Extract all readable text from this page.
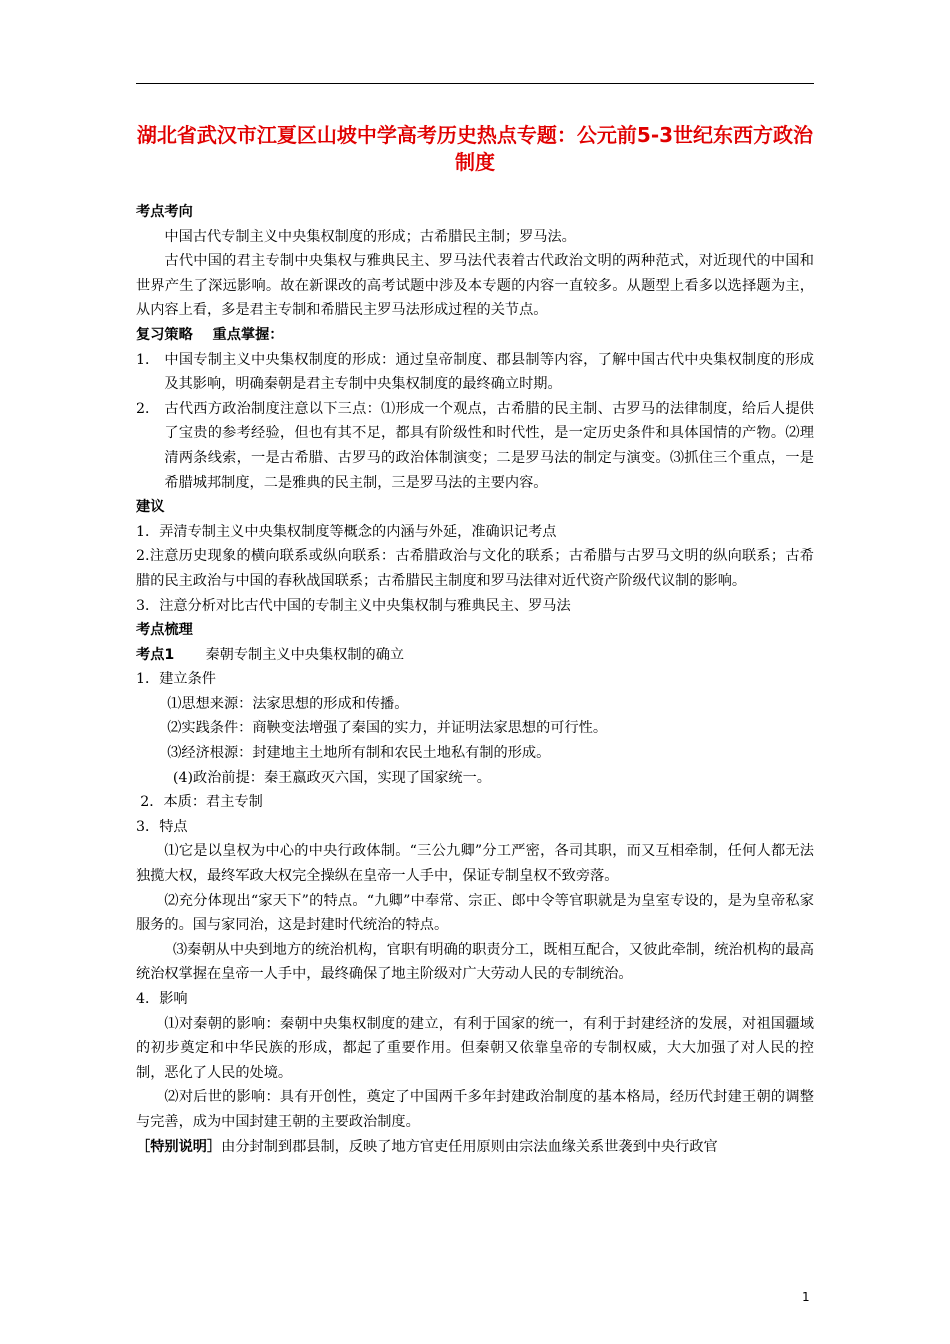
湖北省武汉市江夏区山坡中学高考历史热点专题：公元前5-3世纪东西方政治制度

考点考向

中国古代专制主义中央集权制度的形成；古希腊民主制；罗马法。

古代中国的君主专制中央集权与雅典民主、罗马法代表着古代政治文明的两种范式，对近现代的中国和世界产生了深远影响。故在新课改的高考试题中涉及本专题的内容一直较多。从题型上看多以选择题为主，从内容上看，多是君主专制和希腊民主罗马法形成过程的关节点。

复习策略    重点掌握：

1． 中国专制主义中央集权制度的形成：通过皇帝制度、郡县制等内容，了解中国古代中央集权制度的形成及其影响，明确秦朝是君主专制中央集权制度的最终确立时期。
2． 古代西方政治制度注意以下三点：⑴形成一个观点，古希腊的民主制、古罗马的法律制度，给后人提供了宝贵的参考经验，但也有其不足，都具有阶级性和时代性，是一定历史条件和具体国情的产物。⑵理清两条线索，一是古希腊、古罗马的政治体制演变；二是罗马法的制定与演变。⑶抓住三个重点，一是希腊城邦制度，二是雅典的民主制，三是罗马法的主要内容。

建议

1．弄清专制主义中央集权制度等概念的内涵与外延，准确识记考点

2.注意历史现象的横向联系或纵向联系：古希腊政治与文化的联系；古希腊与古罗马文明的纵向联系；古希腊的民主政治与中国的春秋战国联系；古希腊民主制度和罗马法律对近代资产阶级代议制的影响。

3．注意分析对比古代中国的专制主义中央集权制与雅典民主、罗马法

考点梳理

考点1 秦朝专制主义中央集权制的确立

1．建立条件

⑴思想来源：法家思想的形成和传播。

⑵实践条件：商鞅变法增强了秦国的实力，并证明法家思想的可行性。

⑶经济根源：封建地主土地所有制和农民土地私有制的形成。

(4)政治前提：秦王嬴政灭六国，实现了国家统一。

2．本质：君主专制

3．特点

⑴它是以皇权为中心的中央行政体制。“三公九卿”分工严密，各司其职，而又互相牵制，任何人都无法独揽大权，最终军政大权完全操纵在皇帝一人手中，保证专制皇权不致旁落。

⑵充分体现出“家天下”的特点。“九卿”中奉常、宗正、郎中令等官职就是为皇室专设的，是为皇帝私家服务的。国与家同治，这是封建时代统治的特点。

⑶秦朝从中央到地方的统治机构，官职有明确的职责分工，既相互配合，又彼此牵制，统治机构的最高统治权掌握在皇帝一人手中，最终确保了地主阶级对广大劳动人民的专制统治。

4．影响

⑴对秦朝的影响：秦朝中央集权制度的建立，有利于国家的统一，有利于封建经济的发展，对祖国疆域的初步奠定和中华民族的形成，都起了重要作用。但秦朝又依靠皇帝的专制权威，大大加强了对人民的控制，恶化了人民的处境。

⑵对后世的影响：具有开创性，奠定了中国两千多年封建政治制度的基本格局，经历代封建王朝的调整与完善，成为中国封建王朝的主要政治制度。

［特别说明］由分封制到郡县制，反映了地方官吏任用原则由宗法血缘关系世袭到中央行政官

1
